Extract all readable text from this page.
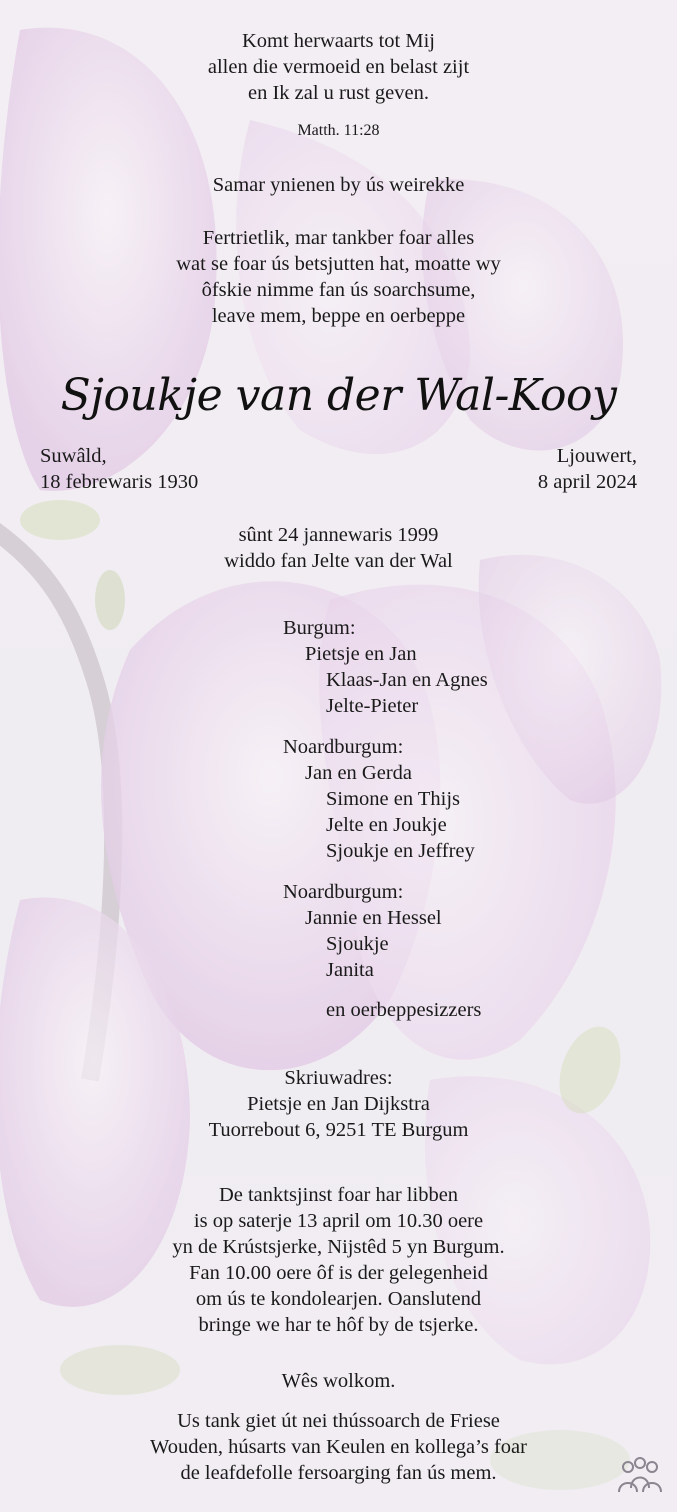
Komt herwaarts tot Mij
allen die vermoeid en belast zijt
en Ik zal u rust geven.
Matth. 11:28
Samar ynienen by ús weirekke
Fertrietlik, mar tankber foar alles
wat se foar ús betsjutten hat, moatte wy
ôfskie nimme fan ús soarchsume,
leave mem, beppe en oerbeppe
Sjoukje van der Wal-Kooy
Suwâld,
18 febrewaris 1930
Ljouwert,
8 april 2024
sûnt 24 jannewaris 1999
widdo fan Jelte van der Wal
Burgum:
Pietsje en Jan
Klaas-Jan en Agnes
Jelte-Pieter
Noardburgum:
Jan en Gerda
Simone en Thijs
Jelte en Joukje
Sjoukje en Jeffrey
Noardburgum:
Jannie en Hessel
Sjoukje
Janita
en oerbeppesizzers
Skriuwadres:
Pietsje en Jan Dijkstra
Tuorrebout 6, 9251 TE Burgum
De tanktsjinst foar har libben
is op saterje 13 april om 10.30 oere
yn de Krústsjerke, Nijstêd 5 yn Burgum.
Fan 10.00 oere ôf is der gelegenheid
om ús te kondolearjen. Oanslutend
bringe we har te hôf by de tsjerke.
Wês wolkom.
Us tank giet út nei thússoarch de Friese
Wouden, húsarts van Keulen en kollega’s foar
de leafdefolle fersoarging fan ús mem.
